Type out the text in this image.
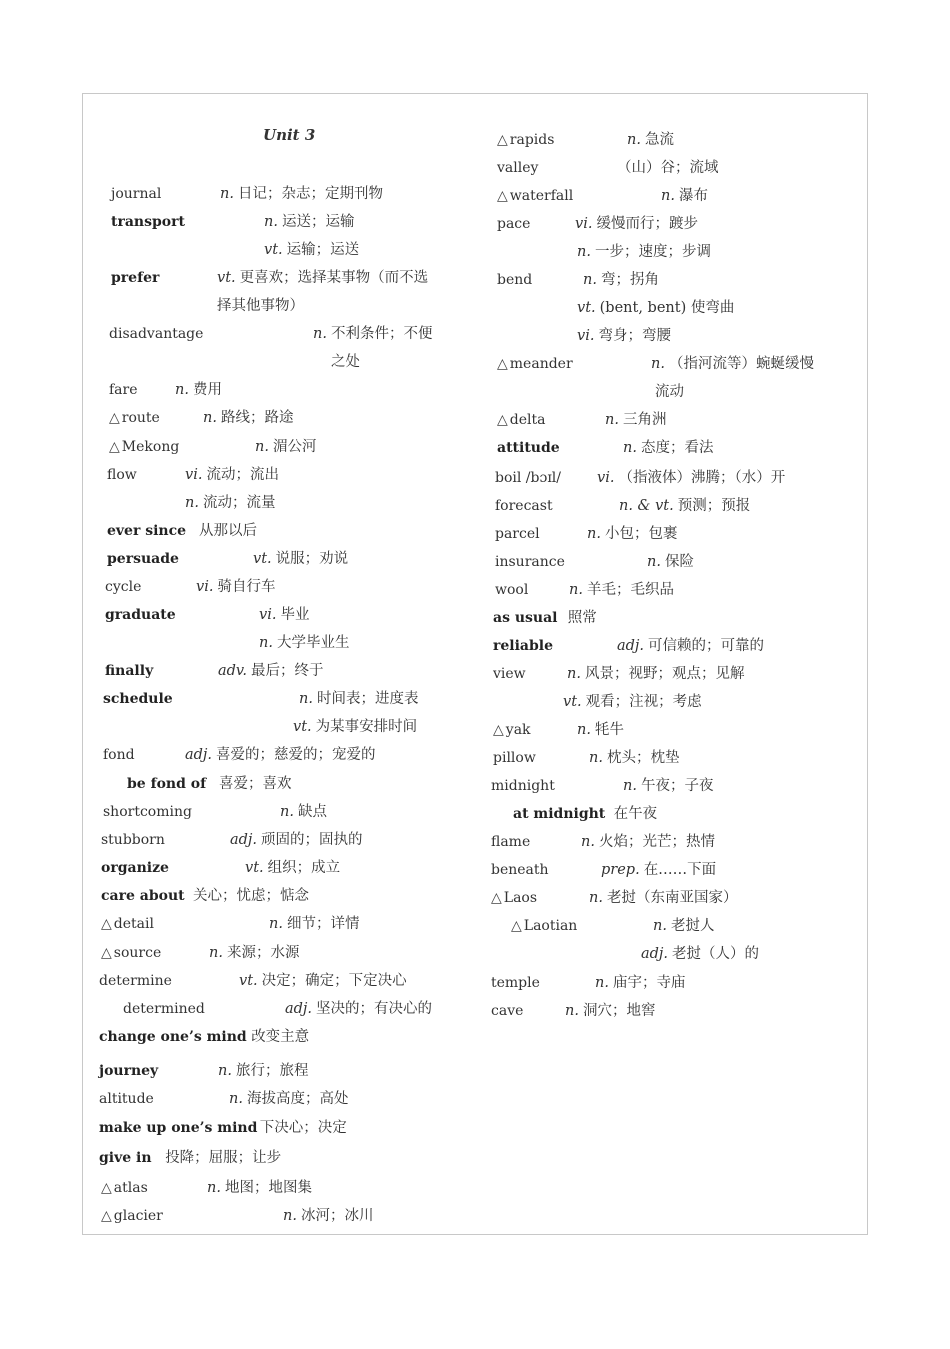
Unit 3
journal	n. 日记；杂志；定期刊物
transport	n. 运送；运输
vt. 运输；运送
prefer	vt. 更喜欢；选择某事物（而不选
择其他事物）
disadvantage	n. 不利条件；不便
之处
fare	n. 费用
△ route	n. 路线；路途
△ Mekong	n. 湄公河
flow	vi. 流动；流出
n. 流动；流量
ever since 从那以后
persuade	vt. 说服；劝说
cycle	vi. 骑自行车
graduate	vi. 毕业
n. 大学毕业生
finally	adv. 最后；终于
schedule	n. 时间表；进度表
vt. 为某事安排时间
fond	adj. 喜爱的；慈爱的；宠爱的
be fond of 喜爱；喜欢
shortcoming	n. 缺点
stubborn	adj. 顽固的；固执的
organize	vt. 组织；成立
care about 关心；忧虑；惦念
△ detail	n. 细节；详情
△ source	n. 来源；水源
determine	vt. 决定；确定；下定决心
determined	adj. 坚决的；有决心的
change one’s mind 改变主意
journey	n. 旅行；旅程
altitude	n. 海拔高度；高处
make up one’s mind 下决心；决定
give in 投降；屈服；让步
△ atlas	n. 地图；地图集
△ glacier	n. 冰河；冰川
△ rapids	n. 急流
valley	（山）谷；流域
△ waterfall	n. 瀑布
pace	vi. 缓慢而行；踱步
n. 一步；速度；步调
bend	n. 弯；拐角
vt. (bent, bent) 使弯曲
vi. 弯身；弯腰
△ meander	n. （指河流等）蜿蜒缓慢
流动
△ delta	n. 三角洲
attitude	n. 态度；看法
boil /bɔɪl/ vi. （指液体）沸腾；（水）开
forecast	n. & vt. 预测；预报
parcel	n. 小包；包裹
insurance	n. 保险
wool	n. 羊毛；毛织品
as usual 照常
reliable	adj. 可信赖的；可靠的
view	n. 风景；视野；观点；见解
vt. 观看；注视；考虑
△ yak	n. 牦牛
pillow	n. 枕头；枕垫
midnight	n. 午夜；子夜
at midnight 在午夜
flame	n. 火焰；光芒；热情
beneath	prep. 在……下面
△ Laos	n. 老挝（东南亚国家）
△ Laotian	n. 老挝人
adj. 老挝（人）的
temple	n. 庙宇；寺庙
cave	n. 洞穴；地窖
